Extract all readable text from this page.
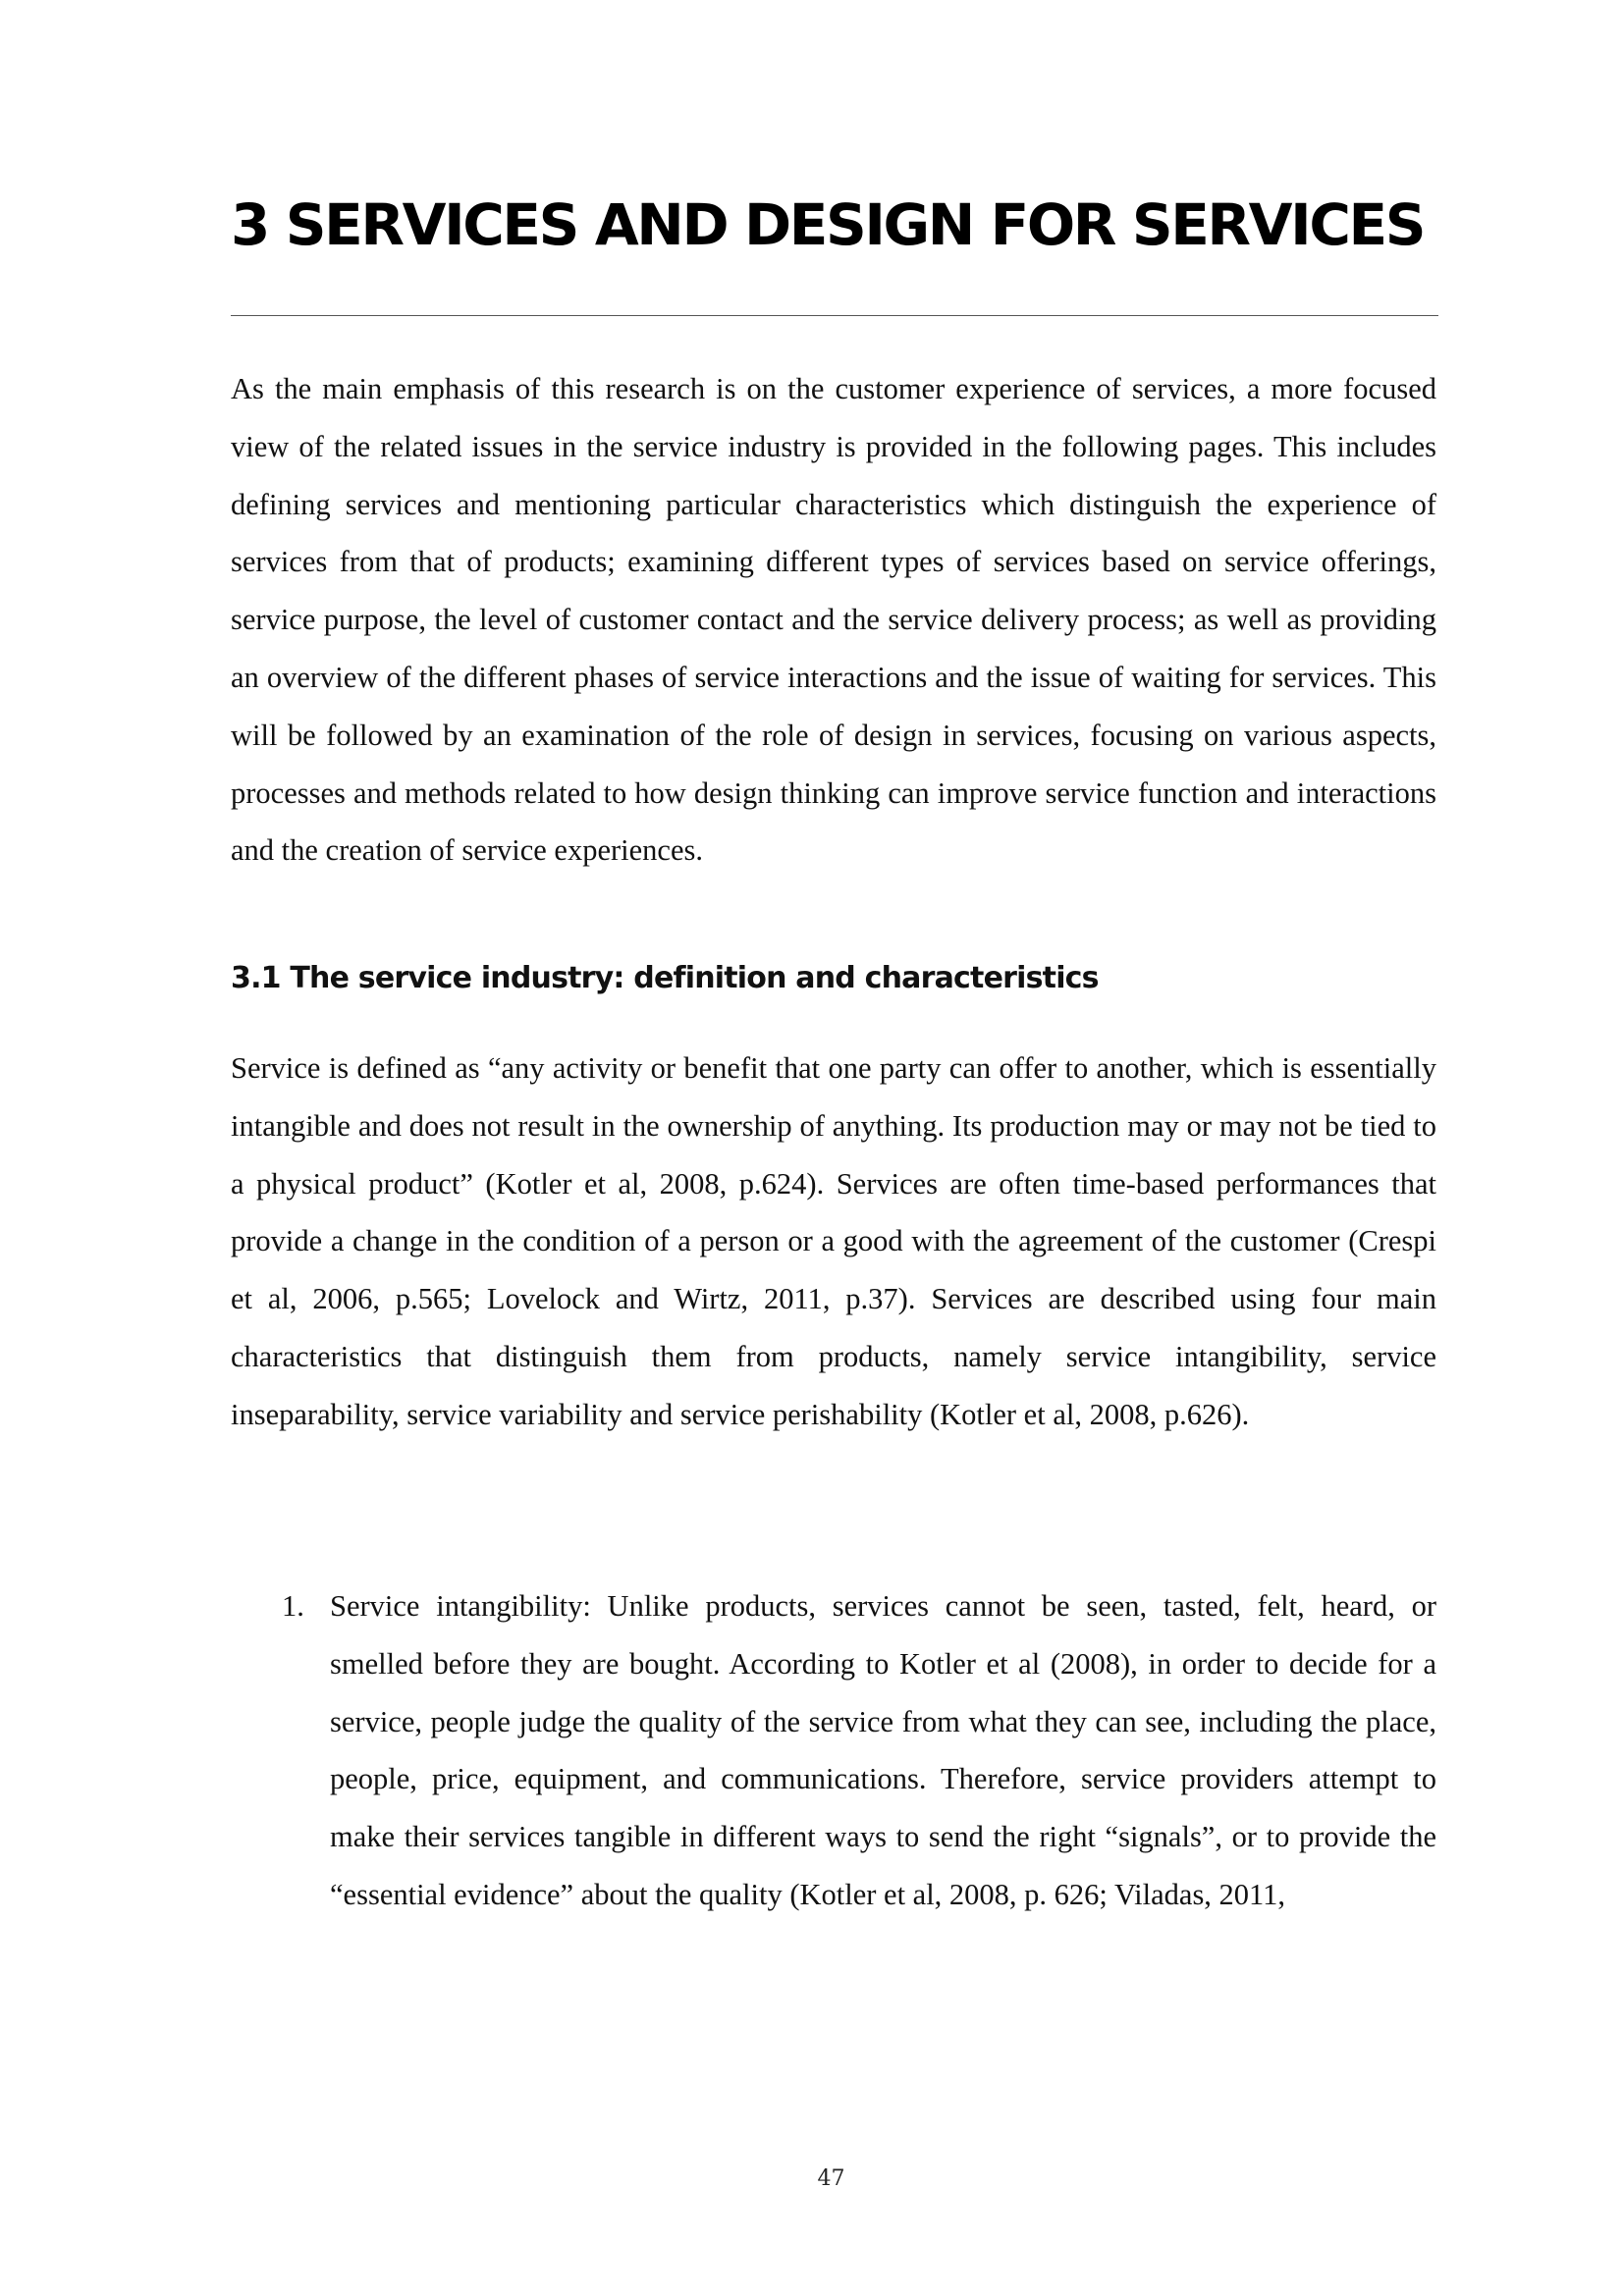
3 SERVICES AND DESIGN FOR SERVICES

As the main emphasis of this research is on the customer experience of services, a more focused view of the related issues in the service industry is provided in the following pages. This includes defining services and mentioning particular characteristics which distinguish the experience of services from that of products; examining different types of services based on service offerings, service purpose, the level of customer contact and the service delivery process; as well as providing an overview of the different phases of service interactions and the issue of waiting for services. This will be followed by an examination of the role of design in services, focusing on various aspects, processes and methods related to how design thinking can improve service function and interactions and the creation of service experiences.

3.1 The service industry: definition and characteristics

Service is defined as “any activity or benefit that one party can offer to another, which is essentially intangible and does not result in the ownership of anything. Its production may or may not be tied to a physical product” (Kotler et al, 2008, p.624). Services are often time-based performances that provide a change in the condition of a person or a good with the agreement of the customer (Crespi et al, 2006, p.565; Lovelock and Wirtz, 2011, p.37). Services are described using four main characteristics that distinguish them from products, namely service intangibility, service inseparability, service variability and service perishability (Kotler et al, 2008, p.626).

1. Service intangibility: Unlike products, services cannot be seen, tasted, felt, heard, or smelled before they are bought. According to Kotler et al (2008), in order to decide for a service, people judge the quality of the service from what they can see, including the place, people, price, equipment, and communications. Therefore, service providers attempt to make their services tangible in different ways to send the right “signals”, or to provide the “essential evidence” about the quality (Kotler et al, 2008, p. 626; Viladas, 2011,

47
